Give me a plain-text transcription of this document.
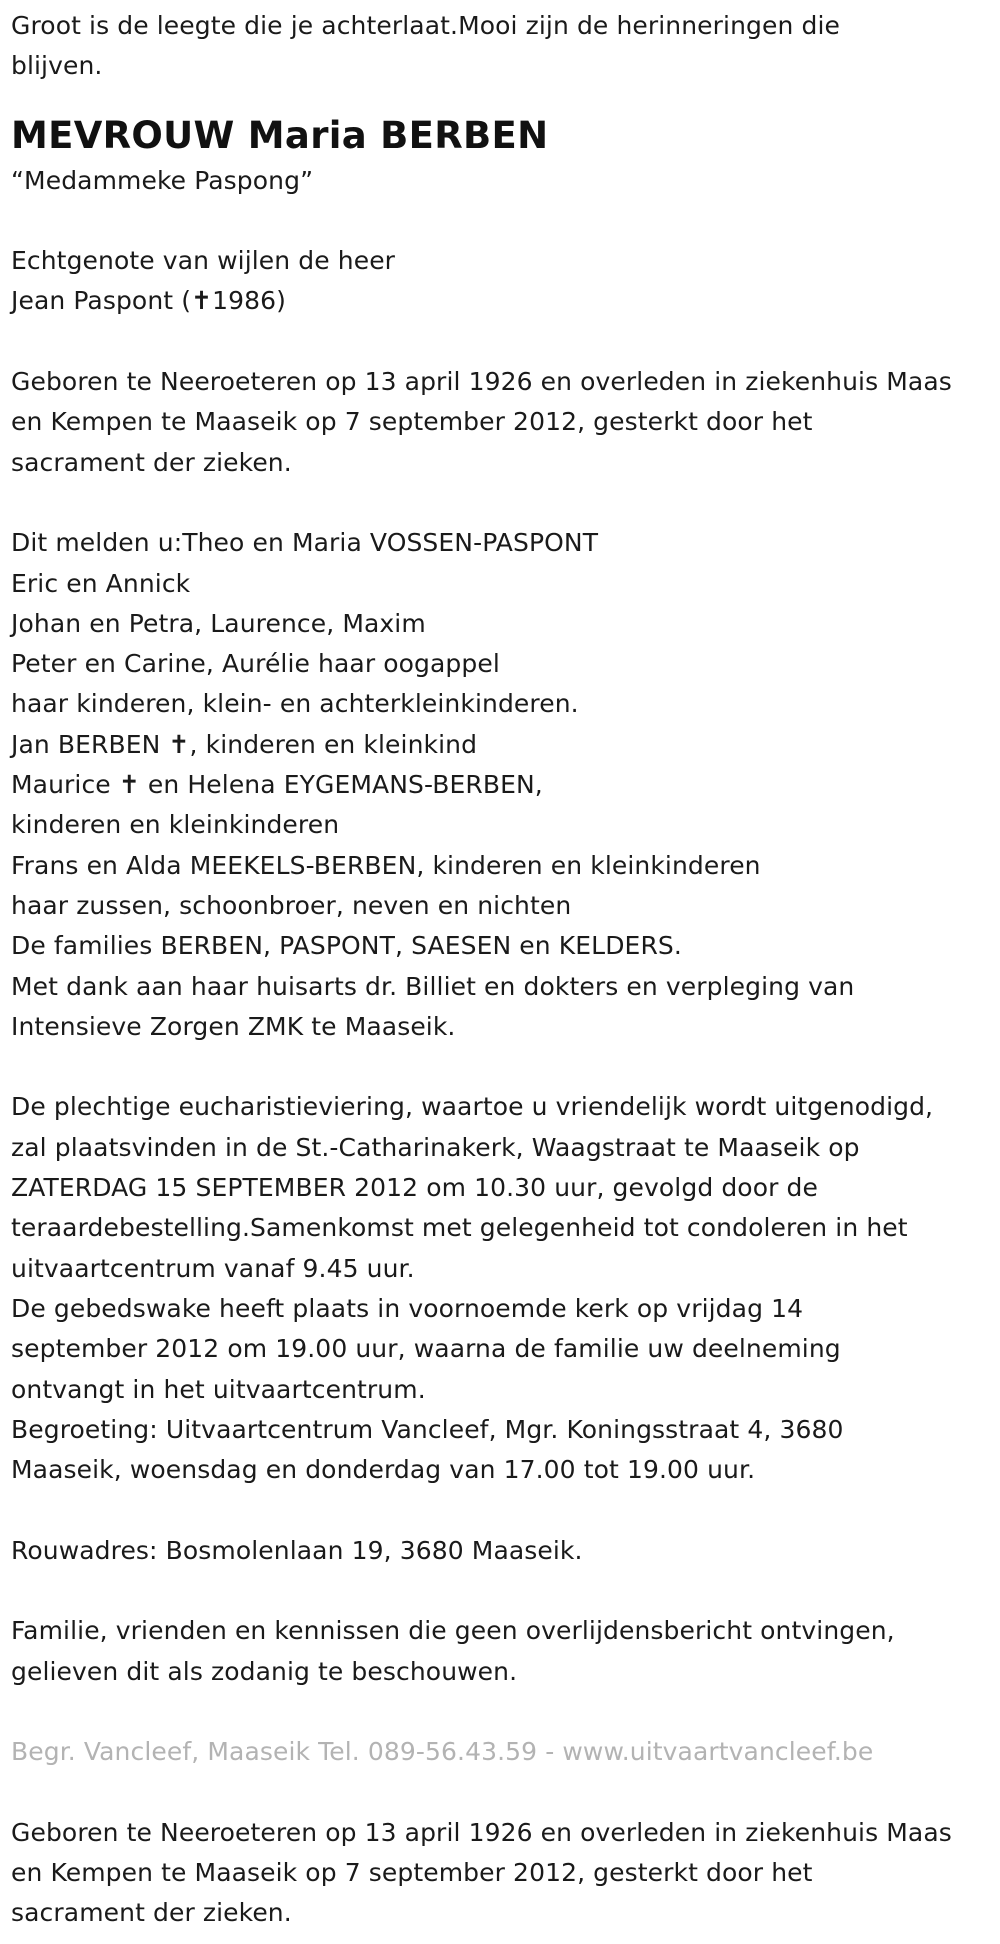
Groot is de leegte die je achterlaat.Mooi zijn de herinneringen die
blijven.
MEVROUW Maria BERBEN
“Medammeke Paspong”
Echtgenote van wijlen de heer
Jean Paspont (✝1986)
Geboren te Neeroeteren op 13 april 1926 en overleden in ziekenhuis Maas
en Kempen te Maaseik op 7 september 2012, gesterkt door het
sacrament der zieken.
Dit melden u:Theo en Maria VOSSEN-PASPONT
Eric en Annick
Johan en Petra, Laurence, Maxim
Peter en Carine, Aurélie haar oogappel
haar kinderen, klein- en achterkleinkinderen.
Jan BERBEN ✝, kinderen en kleinkind
Maurice ✝ en Helena EYGEMANS-BERBEN,
kinderen en kleinkinderen
Frans en Alda MEEKELS-BERBEN, kinderen en kleinkinderen
haar zussen, schoonbroer, neven en nichten
De families BERBEN, PASPONT, SAESEN en KELDERS.
Met dank aan haar huisarts dr. Billiet en dokters en verpleging van
Intensieve Zorgen ZMK te Maaseik.
De plechtige eucharistieviering, waartoe u vriendelijk wordt uitgenodigd,
zal plaatsvinden in de St.-Catharinakerk, Waagstraat te Maaseik op
ZATERDAG 15 SEPTEMBER 2012 om 10.30 uur, gevolgd door de
teraardebestelling.Samenkomst met gelegenheid tot condoleren in het
uitvaartcentrum vanaf 9.45 uur.
De gebedswake heeft plaats in voornoemde kerk op vrijdag 14
september 2012 om 19.00 uur, waarna de familie uw deelneming
ontvangt in het uitvaartcentrum.
Begroeting: Uitvaartcentrum Vancleef, Mgr. Koningsstraat 4, 3680
Maaseik, woensdag en donderdag van 17.00 tot 19.00 uur.
Rouwadres: Bosmolenlaan 19, 3680 Maaseik.
Familie, vrienden en kennissen die geen overlijdensbericht ontvingen,
gelieven dit als zodanig te beschouwen.
Begr. Vancleef, Maaseik Tel. 089-56.43.59 - www.uitvaartvancleef.be
Geboren te Neeroeteren op 13 april 1926 en overleden in ziekenhuis Maas
en Kempen te Maaseik op 7 september 2012, gesterkt door het
sacrament der zieken.
